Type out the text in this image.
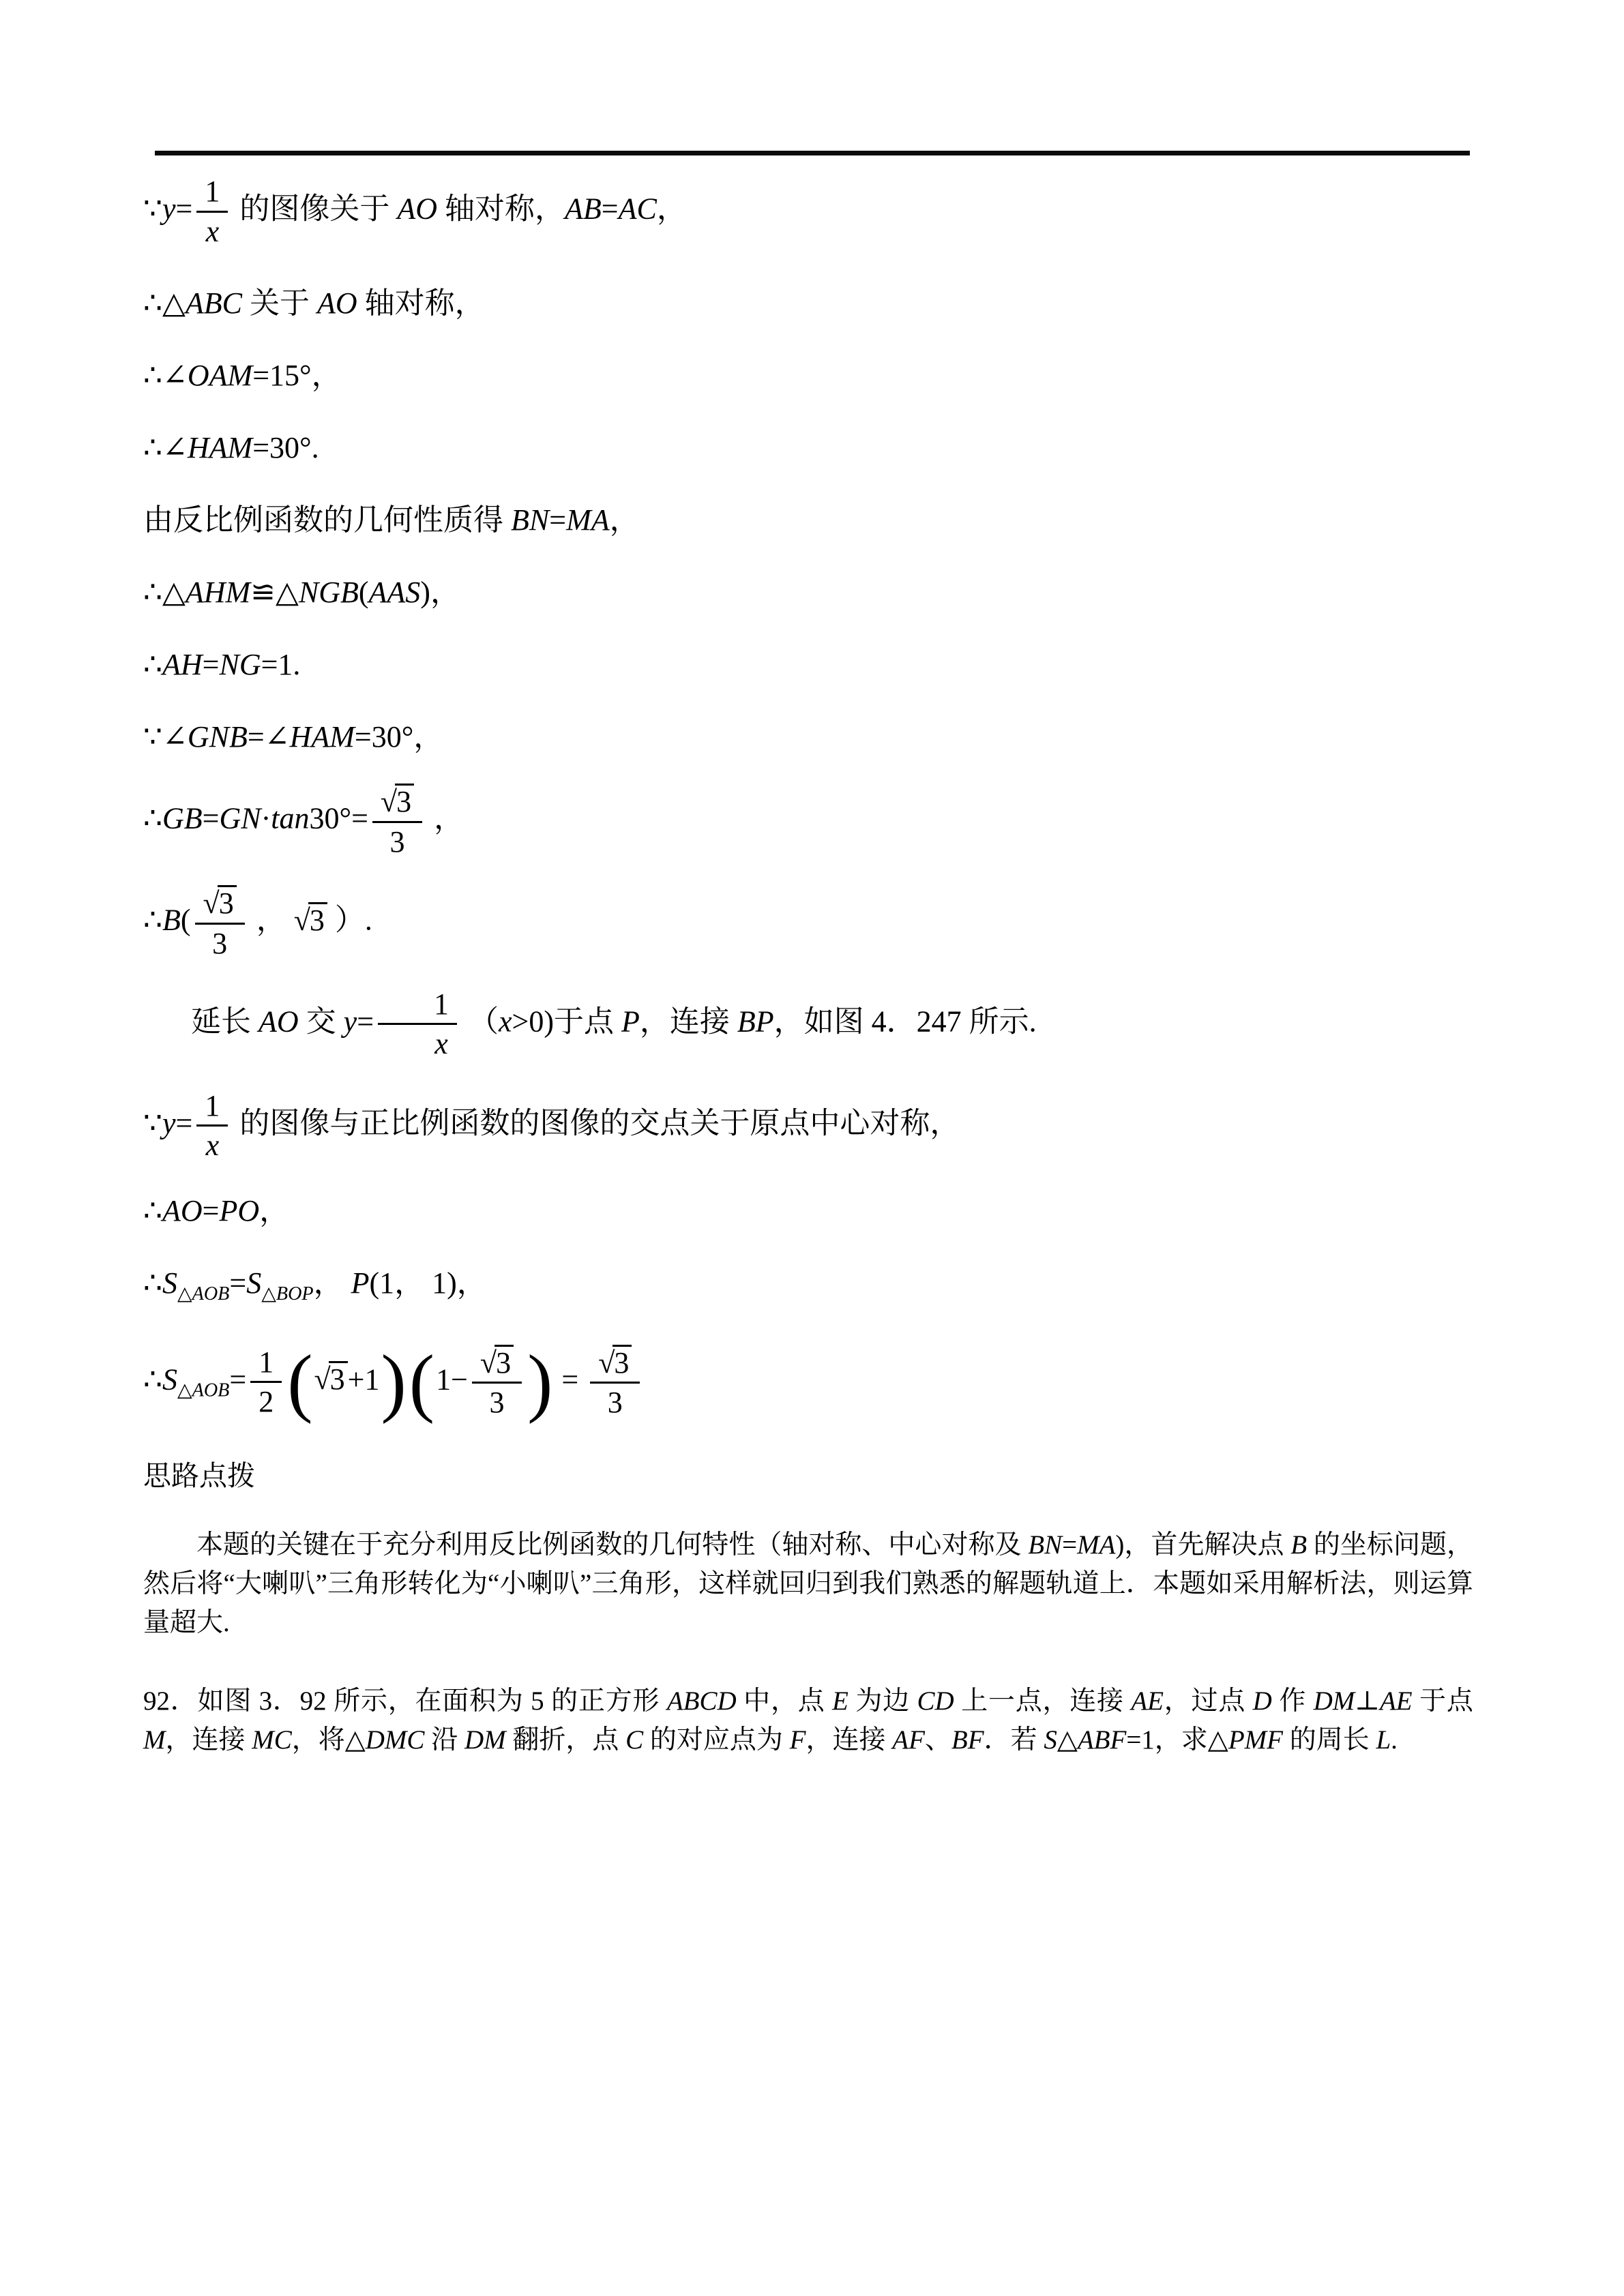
∵y= $\frac{1}{x}$ 的图像关于 AO 轴对称，AB=AC，
∴△ABC 关于 AO 轴对称，
∴∠OAM=15°，
∴∠HAM=30°.
由反比例函数的几何性质得 BN=MA，
∴△AHM≌△NGB(AAS)，
∴AH=NG=1.
∵∠GNB=∠HAM=30°，
∴GB=GN·tan30°= $\frac{√3}{3}$ ，
∴B( $\frac{√3}{3}$ ， √3 ）.
延长 AO 交 $y= \frac{1}{x} (x>0)$于点 P，连接 BP，如图 4．247 所示.
∵y= $\frac{1}{x}$ 的图像与正比例函数的图像的交点关于原点中心对称，
∴AO=PO，
$\therefore S_{\triangle AOB}=S_{\triangle BOP}$， P(1， 1)，
$\therefore S_{\triangle AOB}= \frac{1}{2} (√3+1)(1- \frac{√3}{3}$ ) = $\frac{√3}{3}$
思路点拨
本题的关键在于充分利用反比例函数的几何特性（轴对称、中心对称及 BN=MA)，首先解决点 B 的坐标问题，然后将“大喇叭”三角形转化为“小喇叭”三角形，这样就回归到我们熟悉的解题轨道上．本题如采用解析法，则运算量超大.
92．如图 3．92 所示，在面积为 5 的正方形 ABCD 中，点 E 为边 CD 上一点，连接 AE，过点 D 作 DM⊥AE 于点 M，连接 MC，将△DMC 沿 DM 翻折，点 C 的对应点为 F，连接 AF、BF．若 S△ABF=1，求△PMF 的周长 L.
